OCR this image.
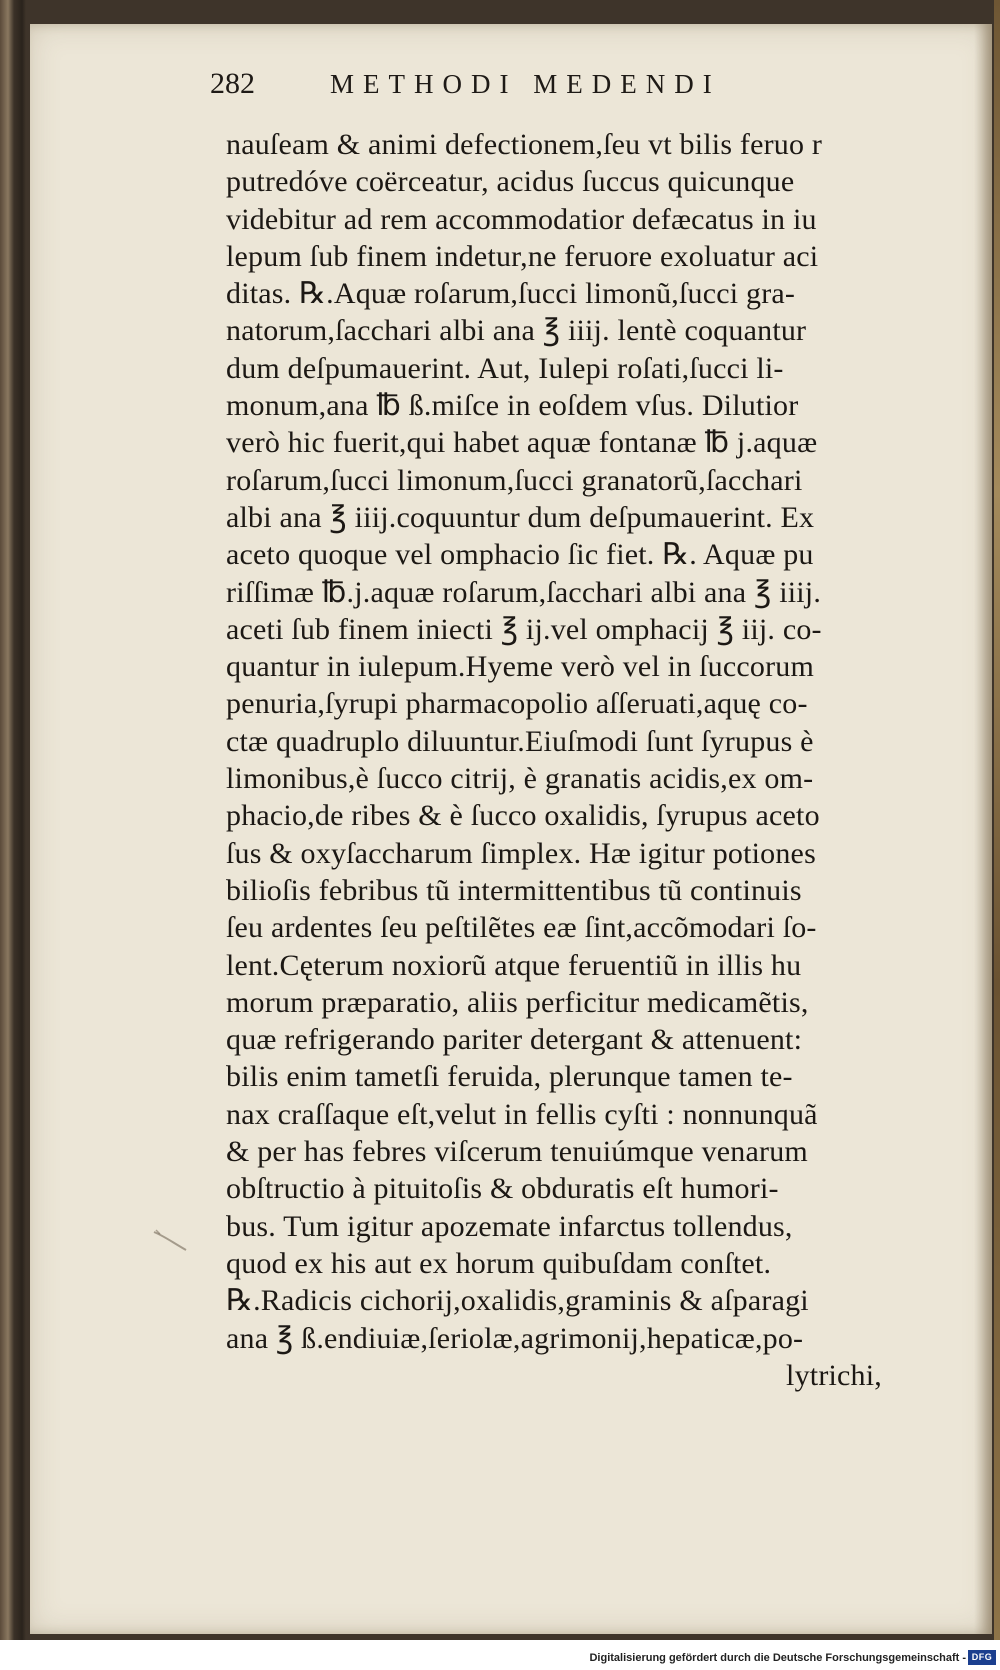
282	METHODI MEDENDI
nauſeam & animi defectionem,ſeu vt bilis feruo r
putredóve coërceatur, acidus ſuccus quicunque
videbitur ad rem accommodatior defæcatus in iu
lepum ſub finem indetur,ne feruore exoluatur aci
ditas. ℞.Aquæ roſarum,ſucci limonũ,ſucci gra-
natorum,ſacchari albi ana ℥ iiij. lentè coquantur
dum deſpumauerint. Aut, Iulepi roſati,ſucci li-
monum,ana ℔ ß.miſce in eoſdem vſus. Dilutior
verò hic fuerit,qui habet aquæ fontanæ ℔ j.aquæ
roſarum,ſucci limonum,ſucci granatorũ,ſacchari
albi ana ℥ iiij.coquuntur dum deſpumauerint. Ex
aceto quoque vel omphacio ſic fiet. ℞. Aquæ pu
riſſimæ ℔.j.aquæ roſarum,ſacchari albi ana ℥ iiij.
aceti ſub finem iniecti ℥ ij.vel omphacij ℥ iij. co-
quantur in iulepum.Hyeme verò vel in ſuccorum
penuria,ſyrupi pharmacopolio aſſeruati,aquę co-
ctæ quadruplo diluuntur.Eiuſmodi ſunt ſyrupus è
limonibus,è ſucco citrij, è granatis acidis,ex om-
phacio,de ribes & è ſucco oxalidis, ſyrupus aceto
ſus & oxyſaccharum ſimplex. Hæ igitur potiones
bilioſis febribus tũ intermittentibus tũ continuis
ſeu ardentes ſeu peſtilẽtes eæ ſint,accõmodari ſo-
lent.Cęterum noxiorũ atque feruentiũ in illis hu
morum præparatio, aliis perficitur medicamẽtis,
quæ refrigerando pariter detergant & attenuent:
bilis enim tametſi feruida, plerunque tamen te-
nax craſſaque eſt,velut in fellis cyſti : nonnunquã
& per has febres viſcerum tenuiúmque venarum
obſtructio à pituitoſis & obduratis eſt humori-
bus. Tum igitur apozemate infarctus tollendus,
quod ex his aut ex horum quibuſdam conſtet.
℞.Radicis cichorij,oxalidis,graminis & aſparagi
ana ℥ ß.endiuiæ,ſeriolæ,agrimonij,hepaticæ,po-
lytrichi,
Digitalisierung gefördert durch die Deutsche Forschungsgemeinschaft - DFG
